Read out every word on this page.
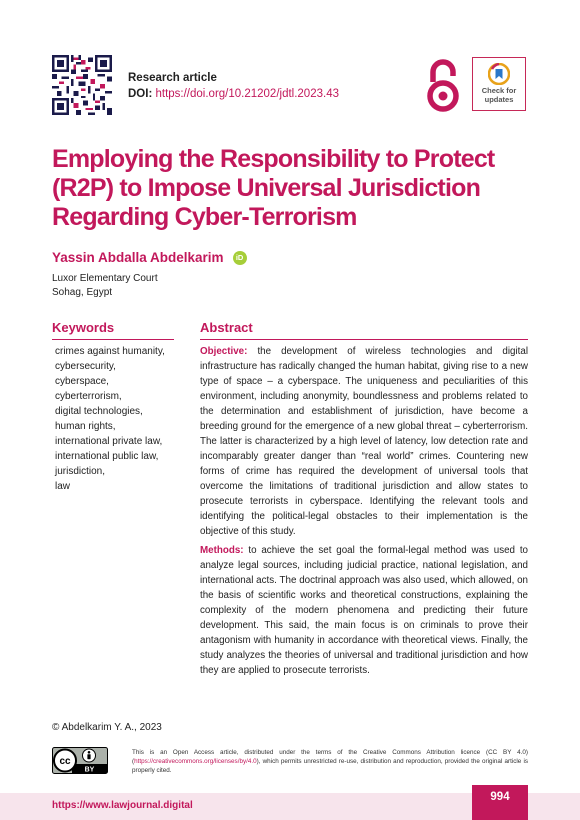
Research article
DOI: https://doi.org/10.21202/jdtl.2023.43	Check for
updates
Employing the Responsibility to Protect (R2P) to Impose Universal Jurisdiction Regarding Cyber-Terrorism
Yassin Abdalla Abdelkarim	iD
Luxor Elementary Court
Sohag, Egypt
Keywords
crimes against humanity,
cybersecurity,
cyberspace,
cyberterrorism,
digital technologies,
human rights,
international private law,
international public law,
jurisdiction,
law
Abstract

Objective: the development of wireless technologies and digital infrastructure has radically changed the human habitat, giving rise to a new type of space – a cyberspace. The uniqueness and peculiarities of this environment, including anonymity, boundlessness and problems related to the determination and establishment of jurisdiction, have become a breeding ground for the emergence of a new global threat – cyberterrorism. The latter is characterized by a high level of latency, low detection rate and incomparably greater danger than “real world” crimes. Countering new forms of crime has required the development of universal tools that overcome the limitations of traditional jurisdiction and allow states to prosecute terrorists in cyberspace. Identifying the relevant tools and identifying the political-legal obstacles to their implementation is the objective of this study.

Methods: to achieve the set goal the formal-legal method was used to analyze legal sources, including judicial practice, national legislation, and international acts. The doctrinal approach was also used, which allowed, on the basis of scientific works and theoretical constructions, explaining the complexity of the modern phenomena and predicting their future development. This said, the main focus is on criminals to prove their antagonism with humanity in accordance with theoretical views. Finally, the study analyzes the theories of universal and traditional jurisdiction and how they are applied to prosecute terrorists.

© Abdelkarim Y. A., 2023
cc
BY
This is an Open Access article, distributed under the terms of the Creative Commons Attribution licence (CC BY 4.0) (https://creativecommons.org/licenses/by/4.0), which permits unrestricted re-use, distribution and reproduction, provided the original article is properly cited.
https://www.lawjournal.digital
994
